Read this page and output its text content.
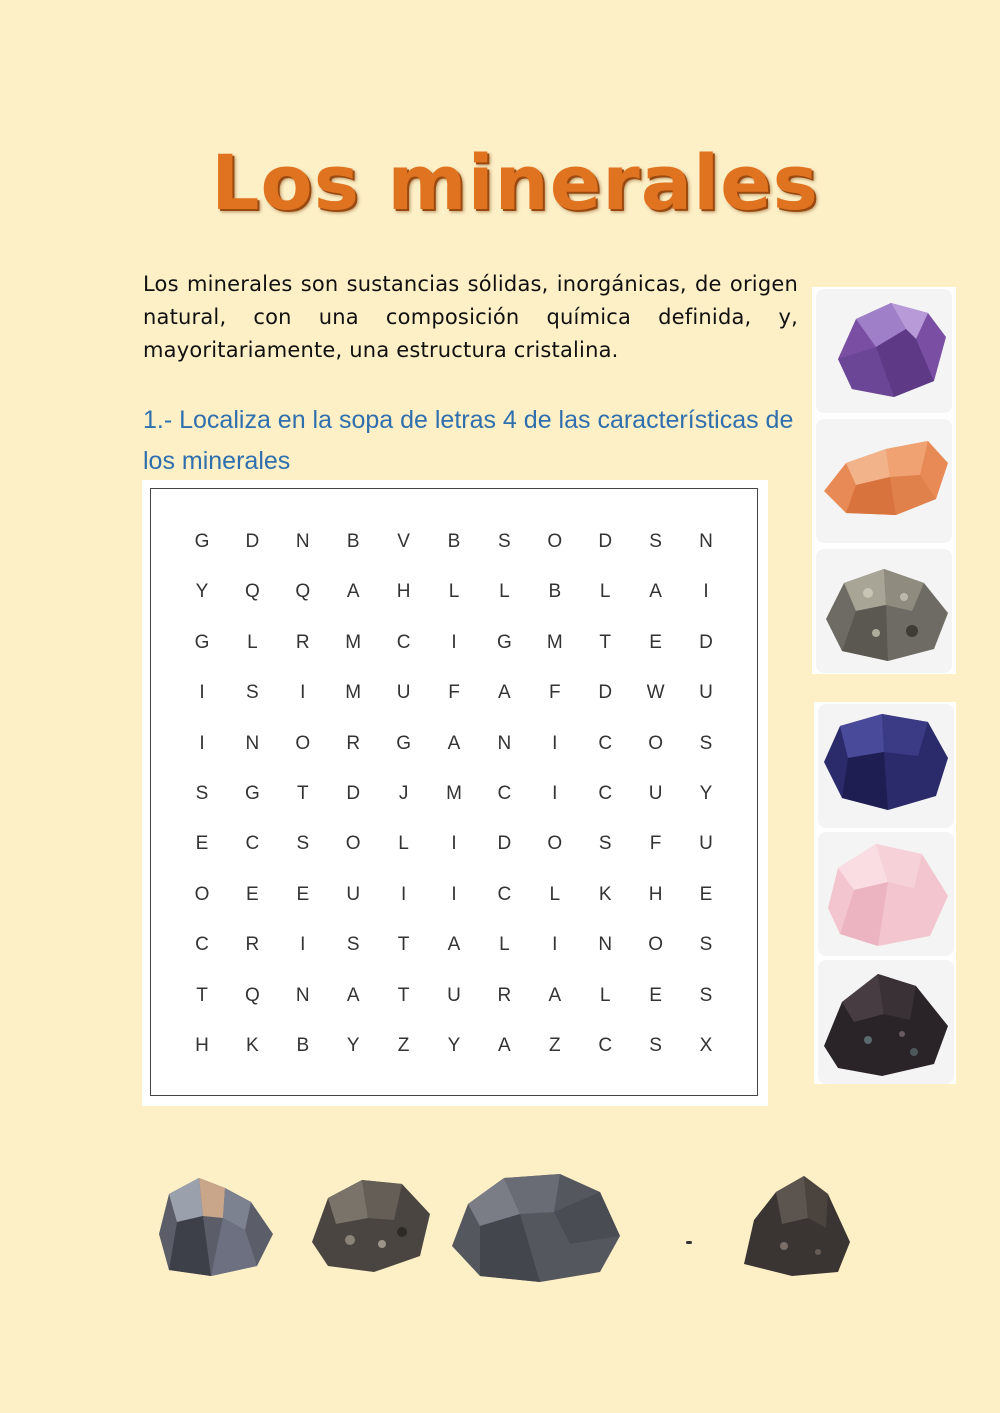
Los minerales
Los minerales son sustancias sólidas, inorgánicas, de origen natural, con una composición química definida, y, mayoritariamente, una estructura cristalina.
1.- Localiza en la sopa de letras 4 de las características de los minerales
G	D	N	B	V	B	S	O	D	S	N
Y	Q	Q	A	H	L	L	B	L	A	I
G	L	R	M	C	I	G	M	T	E	D
I	S	I	M	U	F	A	F	D	W	U
I	N	O	R	G	A	N	I	C	O	S
S	G	T	D	J	M	C	I	C	U	Y
E	C	S	O	L	I	D	O	S	F	U
O	E	E	U	I	I	C	L	K	H	E
C	R	I	S	T	A	L	I	N	O	S
T	Q	N	A	T	U	R	A	L	E	S
H	K	B	Y	Z	Y	A	Z	C	S	X
